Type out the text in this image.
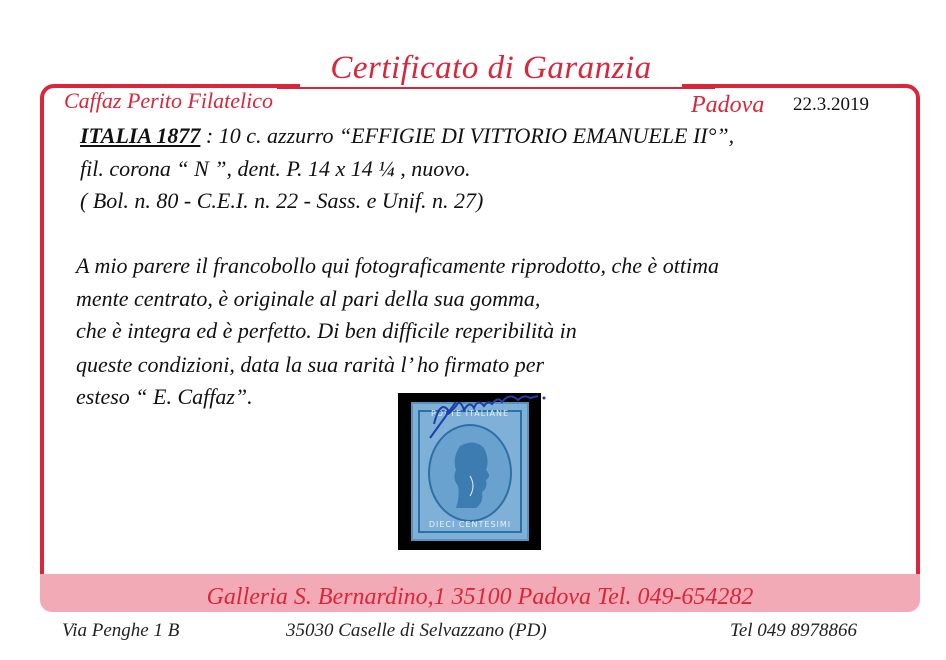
Certificato di Garanzia
Caffaz Perito Filatelico	Padova 22.3.2019
ITALIA 1877 : 10 c. azzurro “EFFIGIE DI VITTORIO EMANUELE II°”,
fil. corona “ N ”, dent. P. 14 x 14 ¼ , nuovo.
( Bol. n. 80 - C.E.I. n. 22 - Sass. e Unif. n. 27)
A mio parere il francobollo qui fotograficamente riprodotto, che è ottima
mente centrato, è originale al pari della sua gomma,
che è integra ed è perfetto. Di ben difficile reperibilità in
queste condizioni, data la sua rarità l’ ho firmato per
esteso “ E. Caffaz”.
POSTE ITALIANE
DIECI CENTESIMI
Galleria S. Bernardino,1 35100 Padova Tel. 049-654282
Via Penghe 1 B	35030 Caselle di Selvazzano (PD)	Tel 049 8978866
